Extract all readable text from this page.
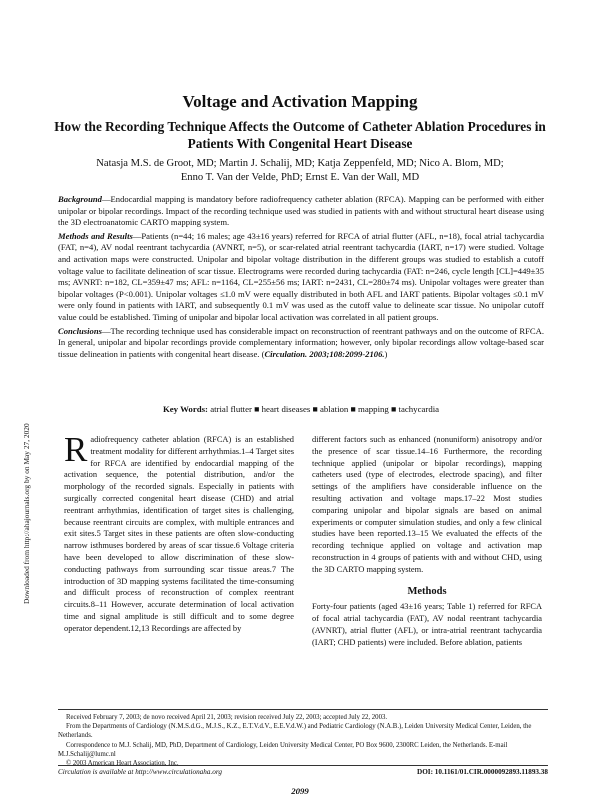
Voltage and Activation Mapping
How the Recording Technique Affects the Outcome of Catheter Ablation Procedures in Patients With Congenital Heart Disease
Natasja M.S. de Groot, MD; Martin J. Schalij, MD; Katja Zeppenfeld, MD; Nico A. Blom, MD;
Enno T. Van der Velde, PhD; Ernst E. Van der Wall, MD

Background—Endocardial mapping is mandatory before radiofrequency catheter ablation (RFCA). Mapping can be performed with either unipolar or bipolar recordings. Impact of the recording technique used was studied in patients with and without structural heart disease using the 3D electroanatomic CARTO mapping system.

Methods and Results—Patients (n=44; 16 males; age 43±16 years) referred for RFCA of atrial flutter (AFL, n=18), focal atrial tachycardia (FAT, n=4), AV nodal reentrant tachycardia (AVNRT, n=5), or scar-related atrial reentrant tachycardia (IART, n=17) were studied. Voltage and activation maps were constructed. Unipolar and bipolar voltage distribution in the different groups was studied to establish a cutoff voltage value to facilitate delineation of scar tissue. Electrograms were recorded during tachycardia (FAT: n=246, cycle length [CL]=449±35 ms; AVNRT: n=182, CL=359±47 ms; AFL: n=1164, CL=255±56 ms; IART: n=2431, CL=280±74 ms). Unipolar voltages were greater than bipolar voltages (P<0.001). Unipolar voltages ≤1.0 mV were equally distributed in both AFL and IART patients. Bipolar voltages ≤0.1 mV were only found in patients with IART, and subsequently 0.1 mV was used as the cutoff value to delineate scar tissue. No unipolar cutoff value could be established. Timing of unipolar and bipolar local activation was correlated in all patient groups.

Conclusions—The recording technique used has considerable impact on reconstruction of reentrant pathways and on the outcome of RFCA. In general, unipolar and bipolar recordings provide complementary information; however, only bipolar recordings allow voltage-based scar tissue delineation in patients with congenital heart disease. (Circulation. 2003;108:2099-2106.)

Key Words: atrial flutter ■ heart diseases ■ ablation ■ mapping ■ tachycardia
Downloaded from http://ahajournals.org by on May 27, 2020 Radiofrequency catheter ablation (RFCA) is an established treatment modality for different arrhythmias.1–4 Target sites for RFCA are identified by endocardial mapping of the activation sequence, the potential distribution, and/or the morphology of the recorded signals. Especially in patients with surgically corrected congenital heart disease (CHD) and atrial reentrant arrhythmias, identification of target sites is challenging, because reentrant circuits are complex, with multiple entrances and exit sites.5 Target sites in these patients are often slow-conducting narrow isthmuses bordered by areas of scar tissue.6 Voltage criteria have been developed to allow discrimination of these slow-conducting pathways from surrounding scar tissue areas.7 The introduction of 3D mapping systems facilitated the time-consuming and difficult process of reconstruction of complex reentrant circuits.8–11 However, accurate determination of local activation time and signal amplitude is still difficult and to some degree operator dependent.12,13 Recordings are affected by

different factors such as enhanced (nonuniform) anisotropy and/or the presence of scar tissue.14–16 Furthermore, the recording technique applied (unipolar or bipolar recordings), mapping catheters used (type of electrodes, electrode spacing), and filter settings of the amplifiers have considerable influence on the resulting activation and voltage maps.17–22 Most studies comparing unipolar and bipolar signals are based on animal experiments or computer simulation studies, and only a few clinical studies have been reported.13–15 We evaluated the effects of the recording technique applied on voltage and activation map reconstruction in 4 groups of patients with and without CHD, using the 3D CARTO mapping system.

Methods

Forty-four patients (aged 43±16 years; Table 1) referred for RFCA of focal atrial tachycardia (FAT), AV nodal reentrant tachycardia (AVNRT), atrial flutter (AFL), or intra-atrial reentrant tachycardia (IART; CHD patients) were included. Before ablation, patients

Received February 7, 2003; de novo received April 21, 2003; revision received July 22, 2003; accepted July 22, 2003.

From the Departments of Cardiology (N.M.S.d.G., M.J.S., K.Z., E.T.V.d.V., E.E.V.d.W.) and Pediatric Cardiology (N.A.B.), Leiden University Medical Center, Leiden, the Netherlands.

Correspondence to M.J. Schalij, MD, PhD, Department of Cardiology, Leiden University Medical Center, PO Box 9600, 2300RC Leiden, the Netherlands. E-mail M.J.Schalij@lumc.nl

© 2003 American Heart Association, Inc.

Circulation is available at http://www.circulationaha.org	DOI: 10.1161/01.CIR.0000092893.11893.38
2099
